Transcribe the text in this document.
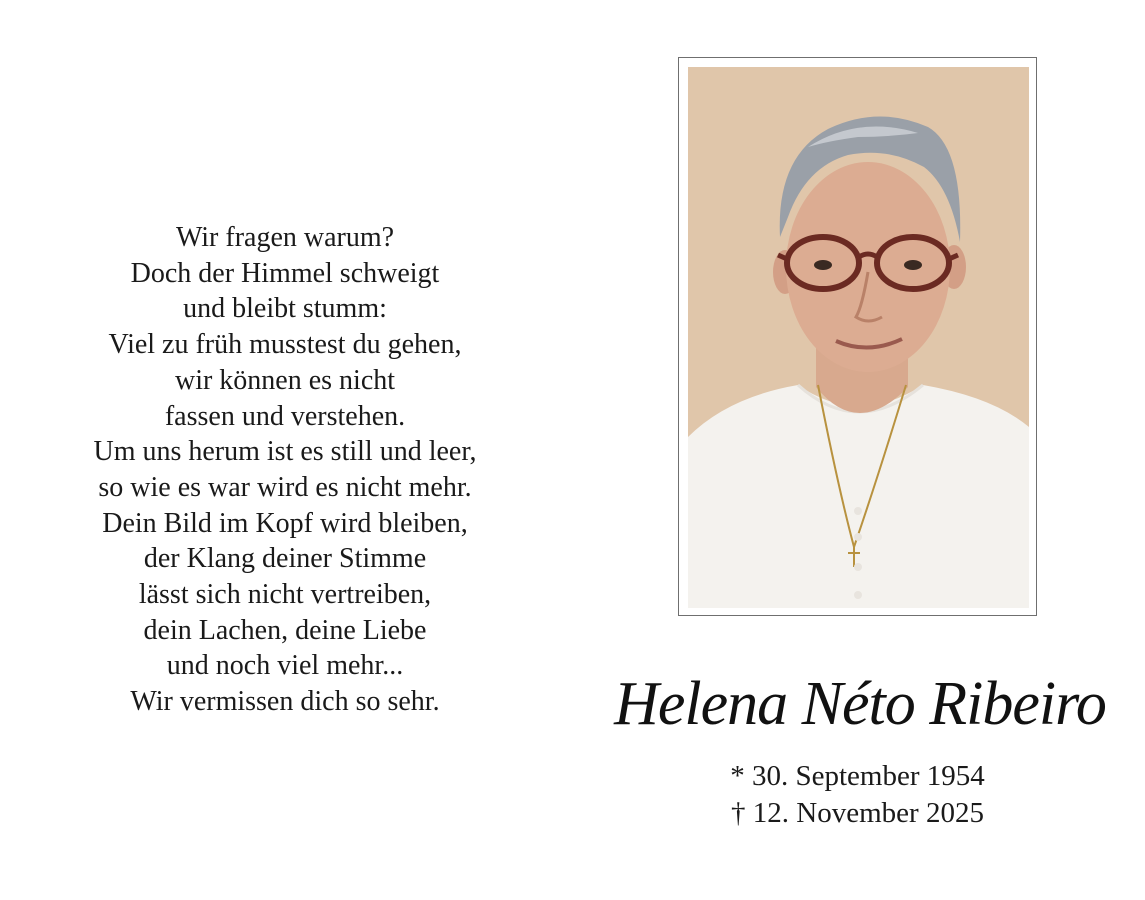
Wir fragen warum?
Doch der Himmel schweigt
und bleibt stumm:
Viel zu früh musstest du gehen,
wir können es nicht
fassen und verstehen.
Um uns herum ist es still und leer,
so wie es war wird es nicht mehr.
Dein Bild im Kopf wird bleiben,
der Klang deiner Stimme
lässt sich nicht vertreiben,
dein Lachen, deine Liebe
und noch viel mehr...
Wir vermissen dich so sehr.	Helena Néto Ribeiro
* 30. September 1954
† 12. November 2025
